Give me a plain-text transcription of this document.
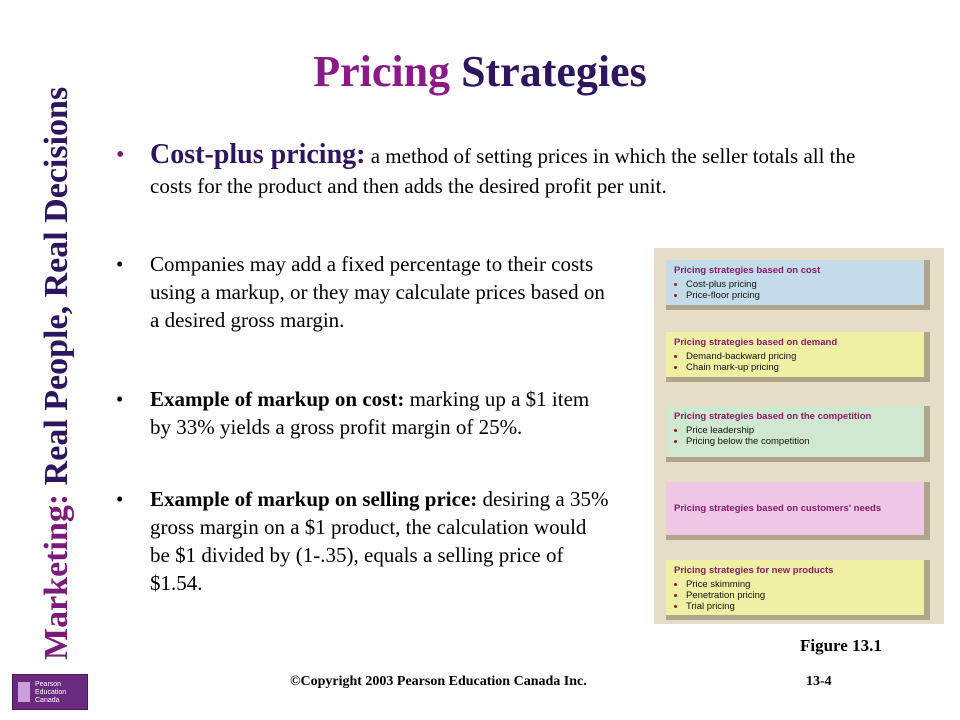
Marketing: Real People, Real Decisions
Pricing Strategies
• Cost-plus pricing: a method of setting prices in which the seller totals all the costs for the product and then adds the desired profit per unit.
• Companies may add a fixed percentage to their costs using a markup, or they may calculate prices based on a desired gross margin.
• Example of markup on cost: marking up a $1 item by 33% yields a gross profit margin of 25%.
• Example of markup on selling price: desiring a 35% gross margin on a $1 product, the calculation would be $1 divided by (1-.35), equals a selling price of $1.54.
Pricing strategies based on cost
• Cost-plus pricing
• Price-floor pricing
Pricing strategies based on demand
• Demand-backward pricing
• Chain mark-up pricing
Pricing strategies based on the competition
• Price leadership
• Pricing below the competition
Pricing strategies based on customers' needs
Pricing strategies for new products
• Price skimming
• Penetration pricing
• Trial pricing
Figure 13.1
Pearson
Education
Canada
©Copyright 2003 Pearson Education Canada Inc.	13-4
